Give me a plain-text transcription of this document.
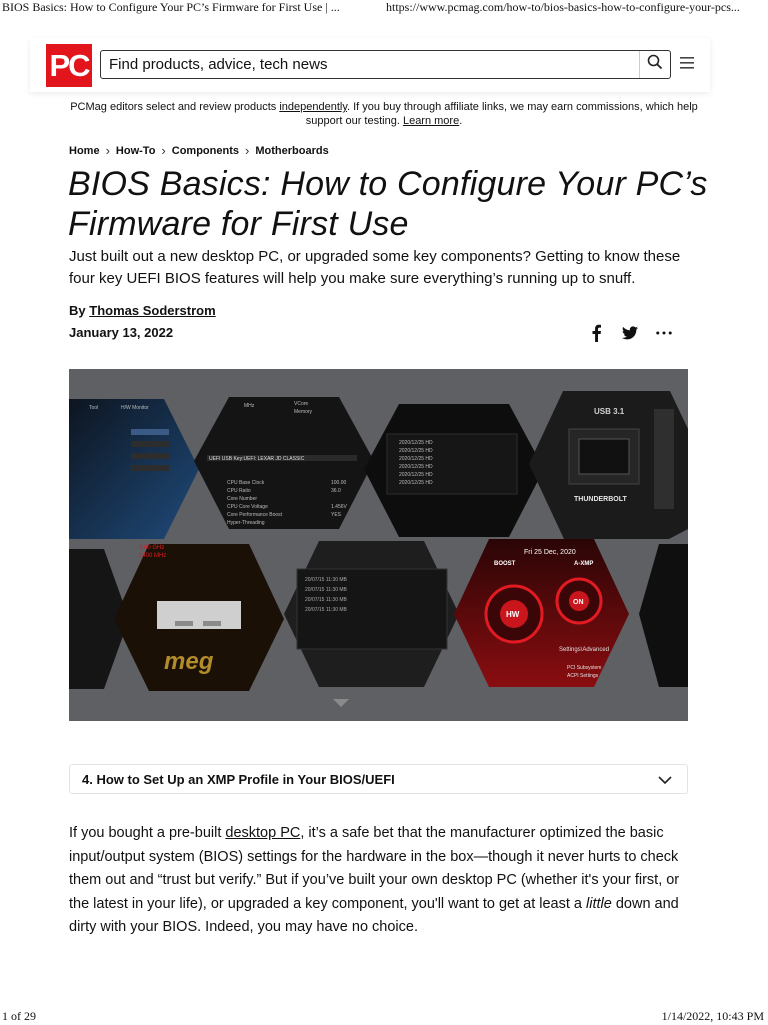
BIOS Basics: How to Configure Your PC’s Firmware for First Use | ...	https://www.pcmag.com/how-to/bios-basics-how-to-configure-your-pcs...
PC
Find products, advice, tech news
PCMag editors select and review products independently. If you buy through affiliate links, we may earn commissions, which help support our testing. Learn more.
Home › How-To › Components › Motherboards
BIOS Basics: How to Configure Your PC’s Firmware for First Use

Just built out a new desktop PC, or upgraded some key components? Getting to know these four key UEFI BIOS features will help you make sure everything’s running up to snuff.

By Thomas Soderstrom
January 13, 2022
Tool	H/W Monitor	MHz	VCore
Memory
UEFI USB Key:UEFI: LEXAR JD CLASSIC
CPU Base Clock
CPU Ratio
Core Number
CPU Core Voltage
Core Performance Boost
Hyper-Threading
100.00
36.0
1.456V
YES
2020/12/25 HD
2020/12/25 HD
2020/12/25 HD
2020/12/25 HD
2020/12/25 HD
2020/12/25 HD
THUNDERBOLT
USB 3.1
meg
20/07/15 11:30 MB
20/07/15 11:30 MB
20/07/15 11:30 MB
20/07/15 11:30 MB	HW
ON
BOOST	A-XMP
Fri 25 Dec, 2020
Settings\Advanced
PCI Subsystem
ACPI Settings
3.60 GHz
2400 MHz
4. How to Set Up an XMP Profile in Your BIOS/UEFI

If you bought a pre-built desktop PC, it’s a safe bet that the manufacturer optimized the basic input/output system (BIOS) settings for the hardware in the box—though it never hurts to check them out and “trust but verify.” But if you’ve built your own desktop PC (whether it's your first, or the latest in your life), or upgraded a key component, you'll want to get at least a little down and dirty with your BIOS. Indeed, you may have no choice.

1 of 29	1/14/2022, 10:43 PM
